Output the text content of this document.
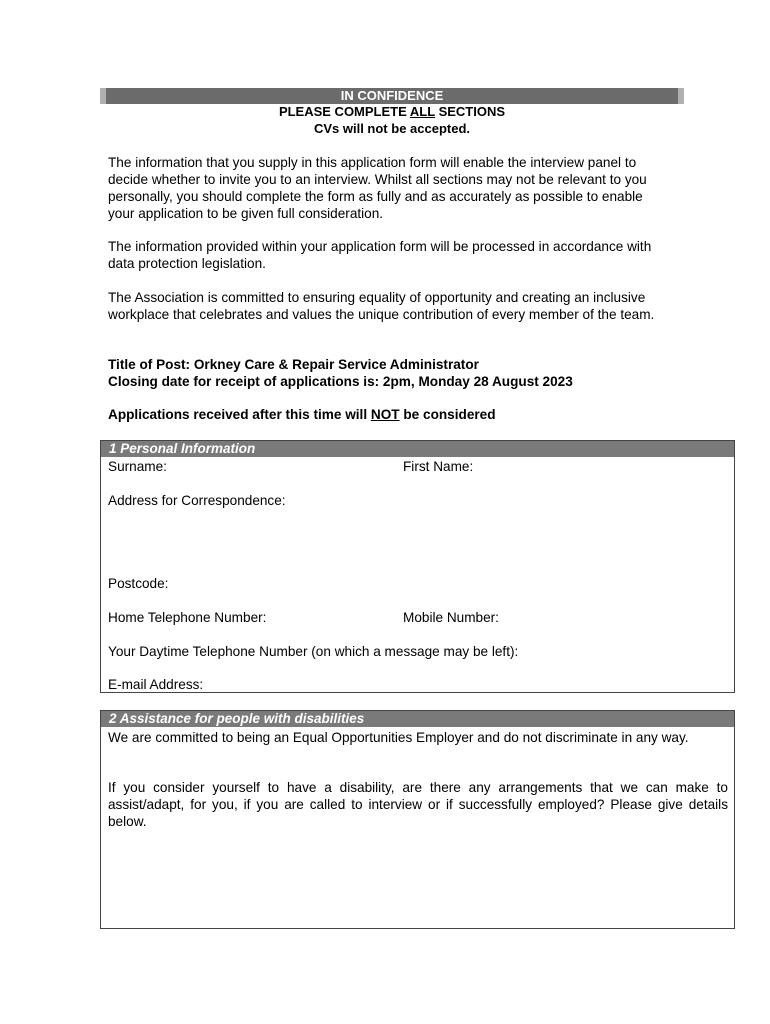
IN CONFIDENCE
PLEASE COMPLETE ALL SECTIONS
CVs will not be accepted.
The information that you supply in this application form will enable the interview panel to decide whether to invite you to an interview. Whilst all sections may not be relevant to you personally, you should complete the form as fully and as accurately as possible to enable your application to be given full consideration.
The information provided within your application form will be processed in accordance with data protection legislation.
The Association is committed to ensuring equality of opportunity and creating an inclusive workplace that celebrates and values the unique contribution of every member of the team.
Title of Post: Orkney Care & Repair Service Administrator
Closing date for receipt of applications is: 2pm, Monday 28 August 2023
Applications received after this time will NOT be considered
1 Personal Information
Surname:	First Name:
Address for Correspondence:
Postcode:
Home Telephone Number:	Mobile Number:
Your Daytime Telephone Number (on which a message may be left):
E-mail Address:
2 Assistance for people with disabilities
We are committed to being an Equal Opportunities Employer and do not discriminate in any way.
If you consider yourself to have a disability, are there any arrangements that we can make to assist/adapt, for you, if you are called to interview or if successfully employed? Please give details below.
